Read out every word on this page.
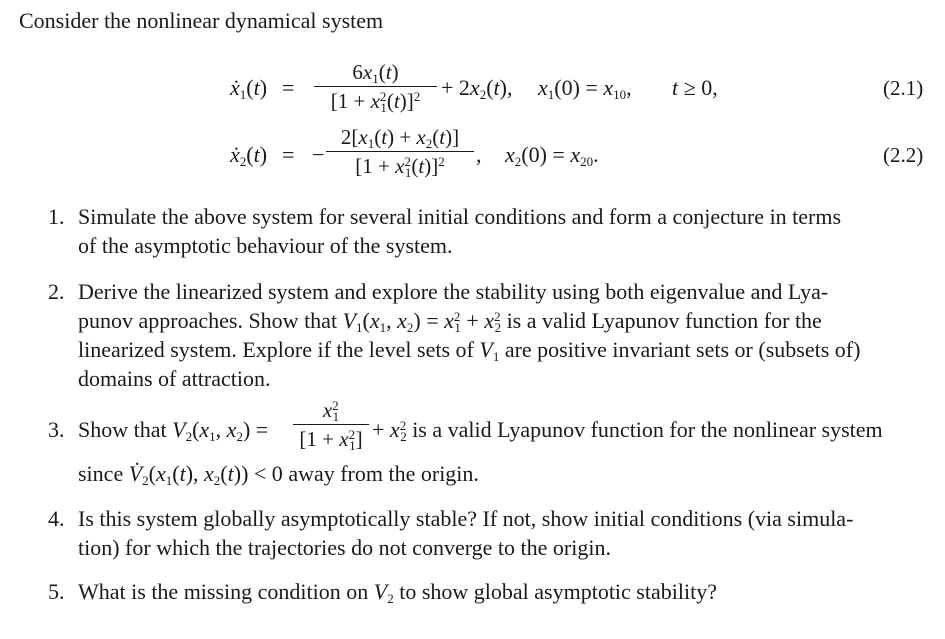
Consider the nonlinear dynamical system
ẋ$_1$(t) =
$6x_1(t)$
$[1 + x^2_1(t)]^2 + 2x_2(t)$, $x_1(0) = x_{10}$, t ≥ 0,	(2.1)
ẋ$_2$(t) = −
$2[x_1(t) + x_2(t)]$
$[1 + x^2_1(t)]^2$	, $x_2(0) = x_{20}$.	(2.2)
1. Simulate the above system for several initial conditions and form a conjecture in terms
of the asymptotic behaviour of the system.
2. Derive the linearized system and explore the stability using both eigenvalue and Lya-
punov approaches. Show that $V_1(x_1$, $x_2) = x^2_1 + x^2_2$ is a valid Lyapunov function for the
linearized system. Explore if the level sets of $V_1$ are positive invariant sets or (subsets of)
domains of attraction.
3. Show that $V_2(x_1$, $x_2$) =
$x^2_1$
$[1 + x^2_1] + x^2_2$ is a valid Lyapunov function for the nonlinear system
since $V̇_2(x_1(t)$, $x_2(t)) < 0$ away from the origin.
4. Is this system globally asymptotically stable? If not, show initial conditions (via simula-
tion) for which the trajectories do not converge to the origin.
5. What is the missing condition on $V_2$ to show global asymptotic stability?
